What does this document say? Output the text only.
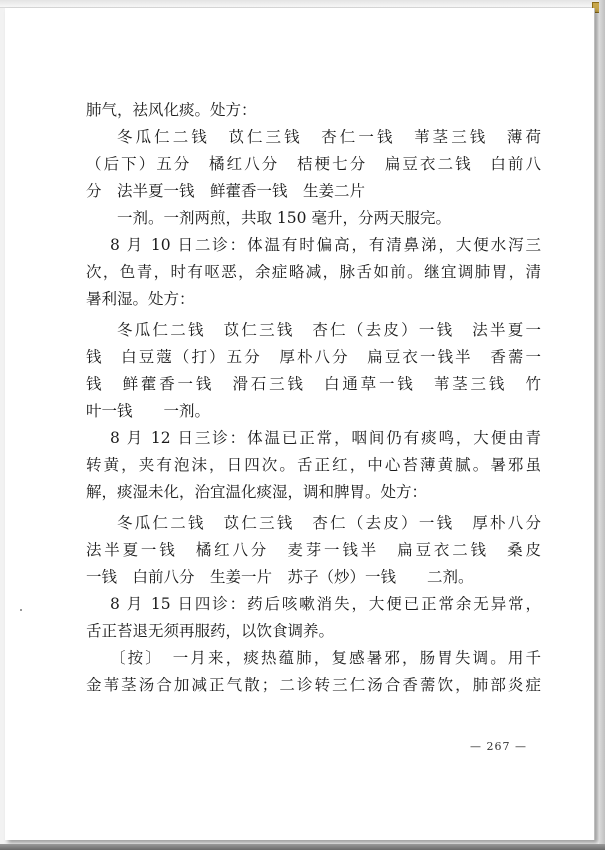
肺气，祛风化痰。处方：
冬瓜仁二钱　苡仁三钱　杏仁一钱　苇茎三钱　薄荷
（后下）五分　橘红八分　桔梗七分　扁豆衣二钱　白前八
分　法半夏一钱　鲜藿香一钱　生姜二片
一剂。一剂两煎，共取 150 毫升，分两天服完。
8 月 10 日二诊：体温有时偏高，有清鼻涕，大便水泻三
次，色青，时有呕恶，余症略减，脉舌如前。继宜调肺胃，清
暑利湿。处方：
冬瓜仁二钱　苡仁三钱　杏仁（去皮）一钱　法半夏一
钱　白豆蔻（打）五分　厚朴八分　扁豆衣一钱半　香薷一
钱　鲜藿香一钱　滑石三钱　白通草一钱　苇茎三钱　竹
叶一钱　　一剂。
8 月 12 日三诊：体温已正常，咽间仍有痰鸣，大便由青
转黄，夹有泡沫，日四次。舌正红，中心苔薄黄腻。暑邪虽
解，痰湿未化，治宜温化痰湿，调和脾胃。处方：
冬瓜仁二钱　苡仁三钱　杏仁（去皮）一钱　厚朴八分
法半夏一钱　橘红八分　麦芽一钱半　扁豆衣二钱　桑皮
一钱　白前八分　生姜一片　苏子（炒）一钱　　二剂。
8 月 15 日四诊：药后咳嗽消失，大便已正常余无异常，
舌正苔退无须再服药，以饮食调养。
〔按〕　一月来，痰热蕴肺，复感暑邪，肠胃失调。用千
金苇茎汤合加减正气散；二诊转三仁汤合香薷饮，肺部炎症
— 267 —
